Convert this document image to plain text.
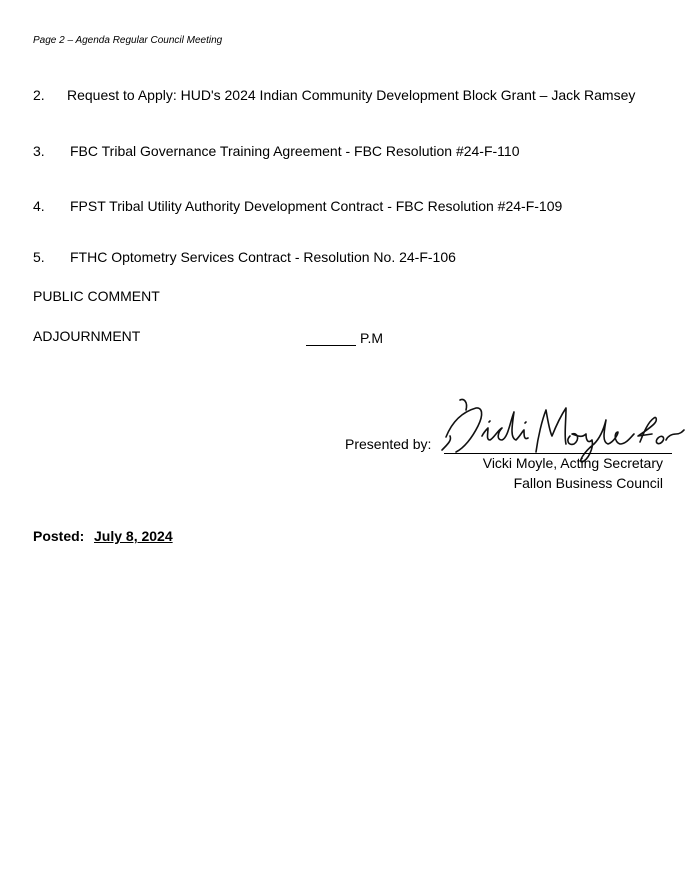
Page 2 – Agenda Regular Council Meeting
2.	Request to Apply: HUD's 2024 Indian Community Development Block Grant – Jack Ramsey
3.	FBC Tribal Governance Training Agreement - FBC Resolution #24-F-110
4.	FPST Tribal Utility Authority Development Contract - FBC Resolution #24-F-109
5.	FTHC Optometry Services Contract - Resolution No. 24-F-106
PUBLIC COMMENT
ADJOURNMENT	P.M
Presented by:
Vicki Moyle, Acting Secretary
Fallon Business Council
Posted: July 8, 2024
